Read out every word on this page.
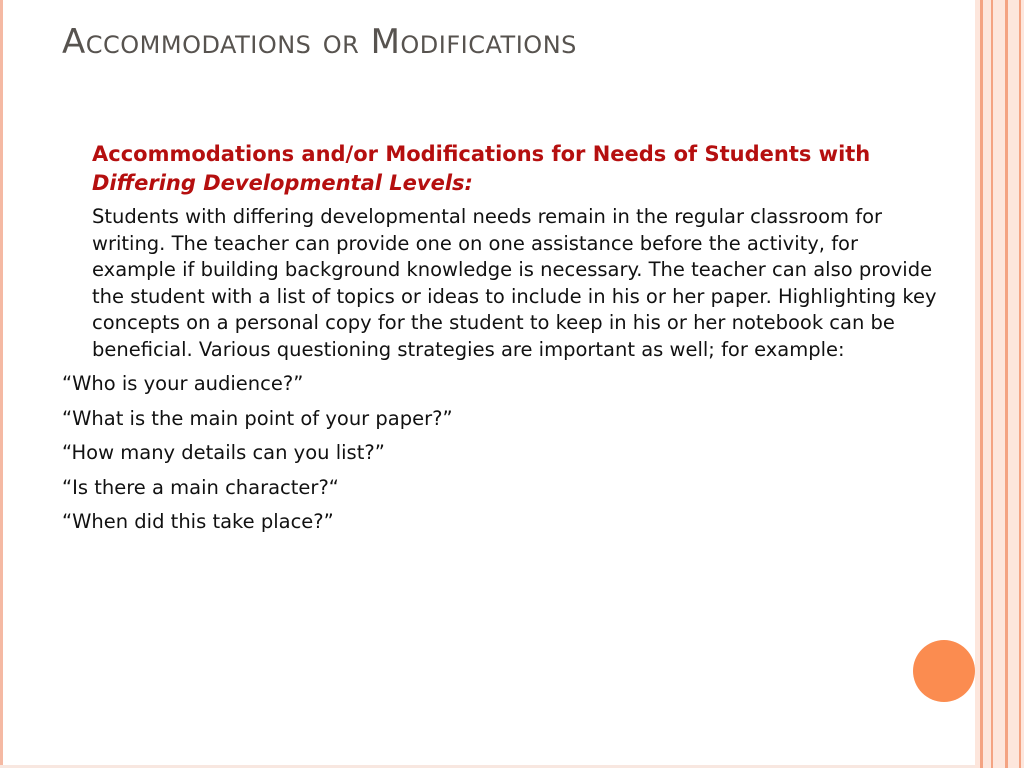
Accommodations or Modifications

Accommodations and/or Modifications for Needs of Students with Differing Developmental Levels:

Students with differing developmental needs remain in the regular classroom for writing. The teacher can provide one on one assistance before the activity, for example if building background knowledge is necessary. The teacher can also provide the student with a list of topics or ideas to include in his or her paper. Highlighting key concepts on a personal copy for the student to keep in his or her notebook can be beneficial. Various questioning strategies are important as well; for example:

“Who is your audience?”
“What is the main point of your paper?”
“How many details can you list?”
“Is there a main character?“
“When did this take place?”
